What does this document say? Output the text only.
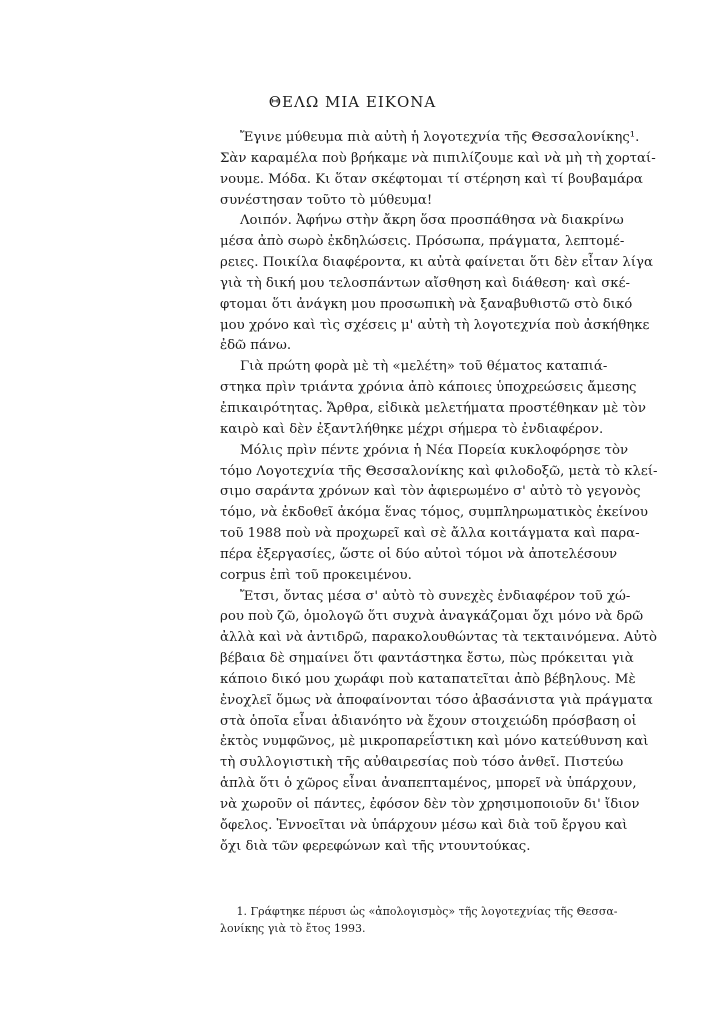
ΘΕΛΩ ΜΙΑ ΕΙΚΟΝΑ
Ἔγινε μύθευμα πιὰ αὐτὴ ἡ λογοτεχνία τῆς Θεσσαλονίκης¹.
Σὰν καραμέλα ποὺ βρήκαμε νὰ πιπιλίζουμε καὶ νὰ μὴ τὴ χορταί-
νουμε. Μόδα. Κι ὅταν σκέφτομαι τί στέρηση καὶ τί βουβαμάρα
συνέστησαν τοῦτο τὸ μύθευμα!
Λοιπόν. Ἀφήνω στὴν ἄκρη ὅσα προσπάθησα νὰ διακρίνω
μέσα ἀπὸ σωρὸ ἐκδηλώσεις. Πρόσωπα, πράγματα, λεπτομέ-
ρειες. Ποικίλα διαφέροντα, κι αὐτὰ φαίνεται ὅτι δὲν εἶταν λίγα
γιὰ τὴ δική μου τελοσπάντων αἴσθηση καὶ διάθεση· καὶ σκέ-
φτομαι ὅτι ἀνάγκη μου προσωπικὴ νὰ ξαναβυθιστῶ στὸ δικό
μου χρόνο καὶ τὶς σχέσεις μ' αὐτὴ τὴ λογοτεχνία ποὺ ἀσκήθηκε
ἐδῶ πάνω.
Γιὰ πρώτη φορὰ μὲ τὴ «μελέτη» τοῦ θέματος καταπιά-
στηκα πρὶν τριάντα χρόνια ἀπὸ κάποιες ὑποχρεώσεις ἄμεσης
ἐπικαιρότητας. Ἄρθρα, εἰδικὰ μελετήματα προστέθηκαν μὲ τὸν
καιρὸ καὶ δὲν ἐξαντλήθηκε μέχρι σήμερα τὸ ἐνδιαφέρον.
Μόλις πρὶν πέντε χρόνια ἡ Νέα Πορεία κυκλοφόρησε τὸν
τόμο Λογοτεχνία τῆς Θεσσαλονίκης καὶ φιλοδοξῶ, μετὰ τὸ κλεί-
σιμο σαράντα χρόνων καὶ τὸν ἀφιερωμένο σ' αὐτὸ τὸ γεγονὸς
τόμο, νὰ ἐκδοθεῖ ἀκόμα ἕνας τόμος, συμπληρωματικὸς ἐκείνου
τοῦ 1988 ποὺ νὰ προχωρεῖ καὶ σὲ ἄλλα κοιτάγματα καὶ παρα-
πέρα ἐξεργασίες, ὥστε οἱ δύο αὐτοὶ τόμοι νὰ ἀποτελέσουν
corpus ἐπὶ τοῦ προκειμένου.
Ἔτσι, ὄντας μέσα σ' αὐτὸ τὸ συνεχὲς ἐνδιαφέρον τοῦ χώ-
ρου ποὺ ζῶ, ὁμολογῶ ὅτι συχνὰ ἀναγκάζομαι ὄχι μόνο νὰ δρῶ
ἀλλὰ καὶ νὰ ἀντιδρῶ, παρακολουθώντας τὰ τεκταινόμενα. Αὐτὸ
βέβαια δὲ σημαίνει ὅτι φαντάστηκα ἔστω, πὼς πρόκειται γιὰ
κάποιο δικό μου χωράφι ποὺ καταπατεῖται ἀπὸ βέβηλους. Μὲ
ἐνοχλεῖ ὅμως νὰ ἀποφαίνονται τόσο ἀβασάνιστα γιὰ πράγματα
στὰ ὁποῖα εἶναι ἀδιανόητο νὰ ἔχουν στοιχειώδη πρόσβαση οἱ
ἐκτὸς νυμφῶνος, μὲ μικροπαρεΐστικη καὶ μόνο κατεύθυνση καὶ
τὴ συλλογιστικὴ τῆς αὐθαιρεσίας ποὺ τόσο ἀνθεῖ. Πιστεύω
ἁπλὰ ὅτι ὁ χῶρος εἶναι ἀναπεπταμένος, μπορεῖ νὰ ὑπάρχουν,
νὰ χωροῦν οἱ πάντες, ἐφόσον δὲν τὸν χρησιμοποιοῦν δι' ἴδιον
ὄφελος. Ἐννοεῖται νὰ ὑπάρχουν μέσω καὶ διὰ τοῦ ἔργου καὶ
ὄχι διὰ τῶν φερεφώνων καὶ τῆς ντουντούκας.
1. Γράφτηκε πέρυσι ὡς «ἀπολογισμὸς» τῆς λογοτεχνίας τῆς Θεσσα-
λονίκης γιὰ τὸ ἔτος 1993.
